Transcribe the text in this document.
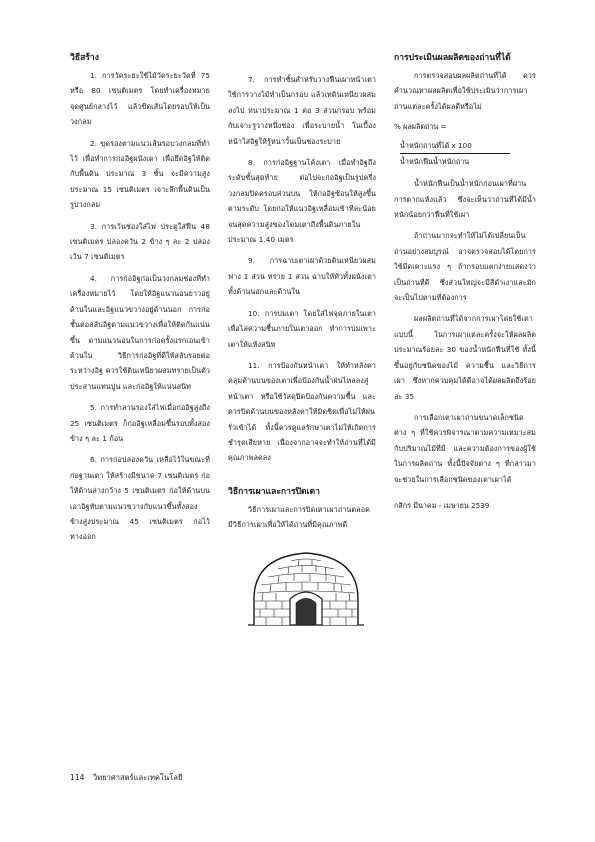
วิธีสร้าง

1. การวัดระยะใช้ไม้วัดระยะวัดที่ 75 หรือ 80 เซนติเมตร โดยทำเครื่องหมายจุดศูนย์กลางไว้ แล้วขีดเส้นโดยรอบให้เป็นวงกลม

2. ขุดร่องตามแนวเส้นรอบวงกลมที่ทำไว้ เพื่อทำการก่ออิฐผนังเตา เพื่อยึดอิฐให้ติดกับพื้นดิน ประมาณ 3 ชั้น จะมีความสูงประมาณ 15 เซนติเมตร เจาะลึกพื้นดินเป็นรูปวงกลม

3. การเว้นช่องใส่ไฟ ประตูใส่ฟืน 48 เซนติเมตร ปล่องควัน 2 ข้าง ๆ ละ 2 ปล่อง เว้น 7 เซนติเมตร

4. การก่ออิฐก่อเป็นวงกลมช่องที่ทำเครื่องหมายไว้ โดยให้อิฐแนวนอนยาวอยู่ด้านในและอิฐแนวขวางอยู่ด้านนอก การก่อชั้นต่อสลับอิฐตามแนวขวางเพื่อให้ติดกันแน่นขึ้น ตามแนวนอนในการก่อครั้งแรกเอนเข้าด้านใน วิธีการก่ออิฐที่ดีให้สลับรอยต่อระหว่างอิฐ ควรใช้ดินเหนียวผสมทรายเป็นตัวประสานแทนปูน และก่ออิฐให้แน่นสนิท

5. การทำลานรองใส่ไฟเมื่อก่ออิฐสูงถึง 25 เซนติเมตร ก็ก่ออิฐเหลื่อมขึ้นรอบทั้งสองข้าง ๆ ละ 1 ก้อน

6. การก่อปล่องควัน เหลือไว้ในขณะที่ก่อฐานเตา ให้สร้างมีขนาด 7 เซนติเมตร ก่อให้ด้านล่างกว้าง 5 เซนติเมตร ก่อให้ด้านบนเอาอิฐทับตามแนวขวางกับแนวขึ้นทั้งสองข้างสูงประมาณ 45 เซนติเมตร ก่อไว้ทางออก

7. การทำชั้นสำหรับวางฟืนเผาหน้าเตา ใช้การวางไม้ทำเป็นกรอบ แล้วเทดินเหนียวผสมลงไป หนาประมาณ 1 ต่อ 3 ส่วนกรอบ พร้อมกับเจาะรูวางหนึ่งช่อง เพื่อระบายน้ำ ในเบื้องหน้าใส่อิฐให้รู้หนาวั้นเป็นช่องระบาย

8. การก่ออิฐฐานโค้งเตา เมื่อทำอิฐถึงระดับชั้นสุดท้าย ต่อไปจะก่ออิฐเป็นรูปครึ่งวงกลมปิดครอบส่วนบน ให้ก่ออิฐซ้อนให้สูงขึ้นตามระดับ โดยก่อให้แนวอิฐเหลื่อมเข้าทีละน้อยจนสุดความสูงของโดมเตาถึงพื้นดินภายในประมาณ 1.40 เมตร

9. การฉาบเตาเผาด้วยดินเหนียวผสมฟาง 1 ส่วน ทราย 1 ส่วน ฉาบให้ทั่วทั้งผนังเตาทั้งด้านนอกและด้านใน

10. การบ่มเตา โดยใส่ไฟจุดภายในเตาเพื่อไล่ความชื้นภายในเตาออก ทำการบ่มเพาะเตาให้แห้งสนิท

11. การป้องกันหน้าเตา ให้ทำหลังคาคลุมด้านบนของเตาเพื่อป้องกันน้ำฝนไหลลงสู่หน้าเตา หรือใช้วัสดุปิดป้องกันความชื้น และควรปิดด้านบนของหลังคาให้มิดชิดเพื่อไม่ให้ฝนรั่วเข้าได้ ทั้งนี้ควรดูแลรักษาเตาไม่ให้เกิดการชำรุดเสียหาย เนื่องจากอาจจะทำให้ถ่านที่ได้มีคุณภาพลดลง

วิธีการเผาและการปิดเตา

วิธีการเผาและการปิดเตาเผาถ่านตลอด มีวิธีการเผาเพื่อให้ได้ถ่านที่มีคุณภาพดี

การประเมินผลผลิตของถ่านที่ได้

การตรวจสอบผลผลิตถ่านที่ได้ ควรคำนวณหาผลผลิตเพื่อใช้ประเมินว่าการเผาถ่านแต่ละครั้งได้ผลดีหรือไม่

% ผลผลิตถ่าน =
น้ำหนักถ่านที่ได้ x 100
น้ำหนักฟืนน้ำหนักถ่าน

น้ำหนักฟืนเป็นน้ำหนักก่อนเผาที่ผ่านการตากแห้งแล้ว ซึ่งจะเห็นว่าถ่านที่ได้มีน้ำหนักน้อยกว่าฟืนที่ใช้เผา

ถ้าถ่านมากจะทำให้ไม่ได้เปลี่ยนเป็นถ่านอย่างสมบูรณ์ อาจตรวจสอบได้โดยการใช้มีดเคาะแรง ๆ ถ้ากรอบแตกง่ายแสดงว่าเป็นถ่านที่ดี ซึ่งส่วนใหญ่จะมีสีดำเงาและมักจะเป็นไปตามที่ต้องการ

ผลผลิตถ่านที่ได้จากการเผาโดยใช้เตาแบบนี้ ในการเผาแต่ละครั้งจะให้ผลผลิตประมาณร้อยละ 30 ของน้ำหนักฟืนที่ใช้ ทั้งนี้ขึ้นอยู่กับชนิดของไม้ ความชื้น และวิธีการเผา ซึ่งหากควบคุมได้ดีอาจได้ผลผลิตถึงร้อยละ 35

การเลือกเตาเผาถ่านขนาดเล็กชนิดต่าง ๆ ที่ใช้ควรพิจารณาตามความเหมาะสมกับปริมาณไม้ที่มี และความต้องการของผู้ใช้ในการผลิตถ่าน ทั้งนี้ปัจจัยต่าง ๆ ที่กล่าวมาจะช่วยในการเลือกชนิดของเตาเผาได้

กสิกร มีนาคม - เมษายน 2539
114 วิทยาศาสตร์และเทคโนโลยี
